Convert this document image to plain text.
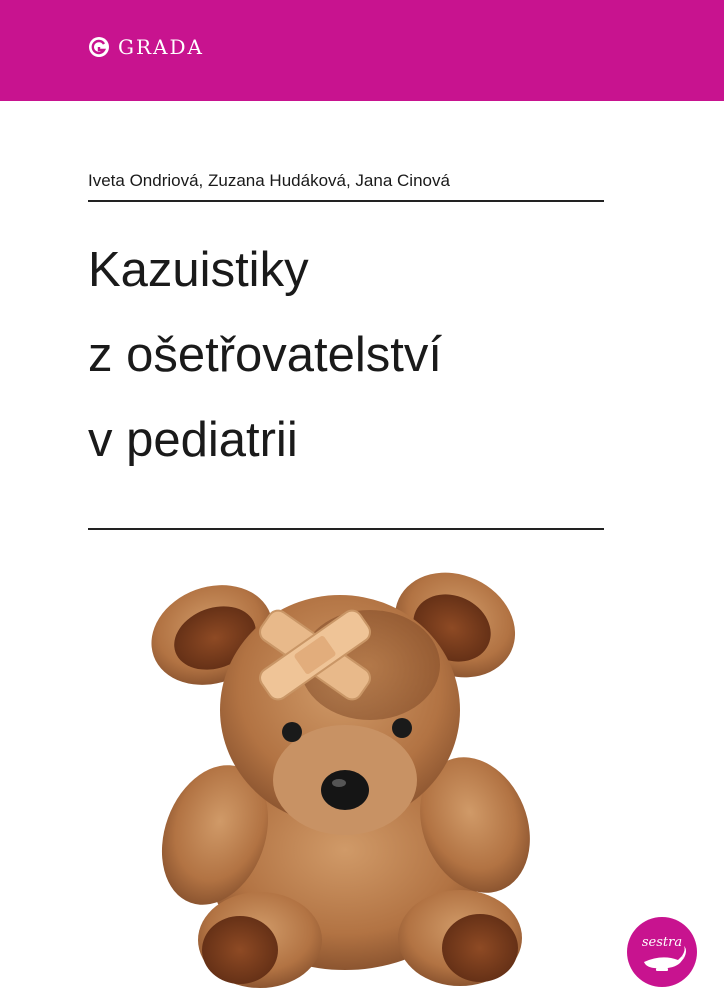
GRADA
Iveta Ondriová, Zuzana Hudáková, Jana Cinová
Kazuistiky
z ošetřovatelství
v pediatrii
sestra
